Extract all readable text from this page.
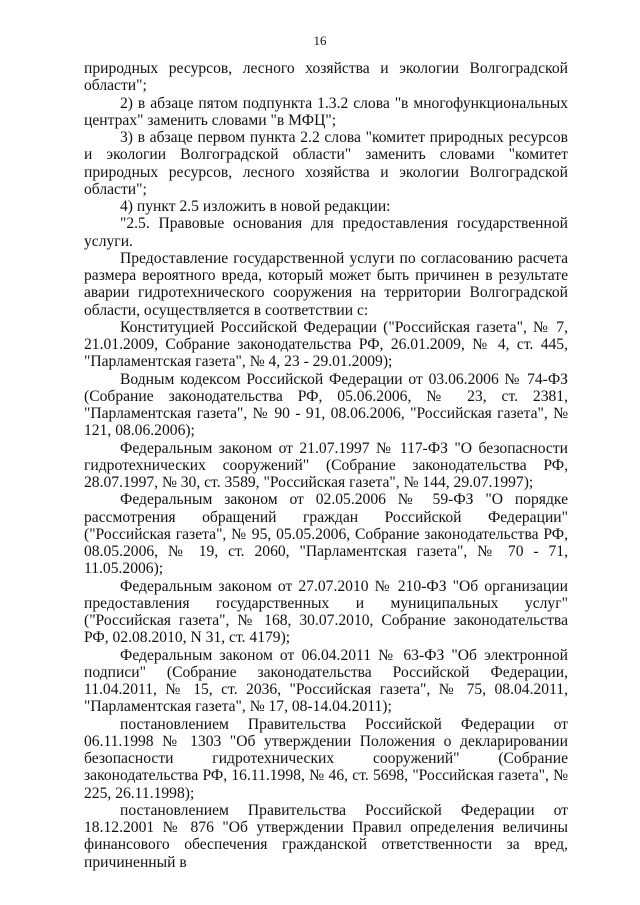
16

природных ресурсов, лесного хозяйства и экологии Волгоградской области";

2) в абзаце пятом подпункта 1.3.2 слова "в многофункциональных центрах" заменить словами "в МФЦ";

3) в абзаце первом пункта 2.2 слова "комитет природных ресурсов и экологии Волгоградской области" заменить словами "комитет природных ресурсов, лесного хозяйства и экологии Волгоградской области";

4) пункт 2.5 изложить в новой редакции:

"2.5. Правовые основания для предоставления государственной услуги.

Предоставление государственной услуги по согласованию расчета размера вероятного вреда, который может быть причинен в результате аварии гидротехнического сооружения на территории Волгоградской области, осуществляется в соответствии с:

Конституцией Российской Федерации ("Российская газета", № 7, 21.01.2009, Собрание законодательства РФ, 26.01.2009, № 4, ст. 445, "Парламентская газета", № 4, 23 - 29.01.2009);

Водным кодексом Российской Федерации от 03.06.2006 № 74-ФЗ (Собрание законодательства РФ, 05.06.2006, № 23, ст. 2381, "Парламентская газета", № 90 - 91, 08.06.2006, "Российская газета", № 121, 08.06.2006);

Федеральным законом от 21.07.1997 № 117-ФЗ "О безопасности гидротехнических сооружений" (Собрание законодательства РФ, 28.07.1997, № 30, ст. 3589, "Российская газета", № 144, 29.07.1997);

Федеральным законом от 02.05.2006 № 59-ФЗ "О порядке рассмотрения обращений граждан Российской Федерации" ("Российская газета", № 95, 05.05.2006, Собрание законодательства РФ, 08.05.2006, № 19, ст. 2060, "Парламентская газета", № 70 - 71, 11.05.2006);

Федеральным законом от 27.07.2010 № 210-ФЗ "Об организации предоставления государственных и муниципальных услуг" ("Российская газета", № 168, 30.07.2010, Собрание законодательства РФ, 02.08.2010, N 31, ст. 4179);

Федеральным законом от 06.04.2011 № 63-ФЗ "Об электронной подписи" (Собрание законодательства Российской Федерации, 11.04.2011, № 15, ст. 2036, "Российская газета", № 75, 08.04.2011, "Парламентская газета", № 17, 08-14.04.2011);

постановлением Правительства Российской Федерации от 06.11.1998 № 1303 "Об утверждении Положения о декларировании безопасности гидротехнических сооружений" (Собрание законодательства РФ, 16.11.1998, № 46, ст. 5698, "Российская газета", № 225, 26.11.1998);

постановлением Правительства Российской Федерации от 18.12.2001 № 876 "Об утверждении Правил определения величины финансового обеспечения гражданской ответственности за вред, причиненный в
